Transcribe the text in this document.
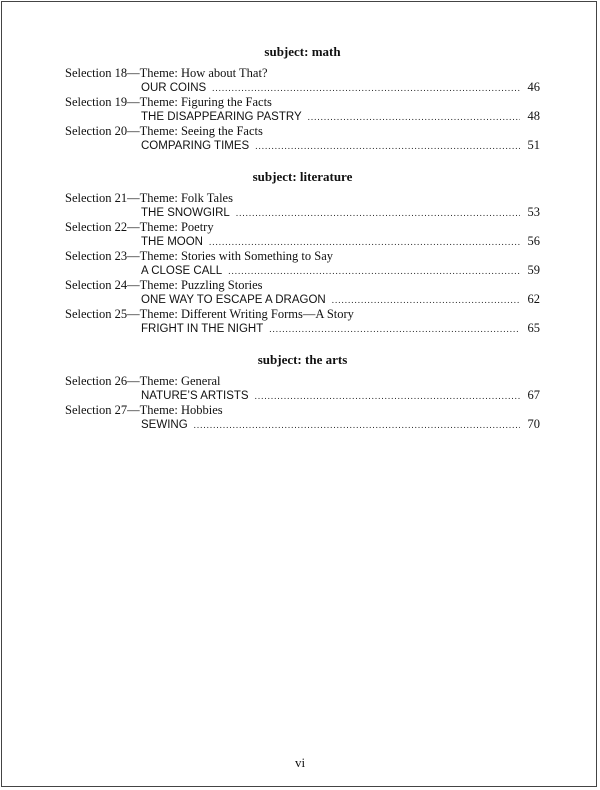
subject: math
Selection 18—Theme: How about That?
OUR COINS .....	46
Selection 19—Theme: Figuring the Facts
THE DISAPPEARING PASTRY .....	48
Selection 20—Theme: Seeing the Facts
COMPARING TIMES .....	51
subject: literature
Selection 21—Theme: Folk Tales
THE SNOWGIRL .....	53
Selection 22—Theme: Poetry
THE MOON .....	56
Selection 23—Theme: Stories with Something to Say
A CLOSE CALL .....	59
Selection 24—Theme: Puzzling Stories
ONE WAY TO ESCAPE A DRAGON .....	62
Selection 25—Theme: Different Writing Forms—A Story
FRIGHT IN THE NIGHT .....	65
subject: the arts
Selection 26—Theme: General
NATURE’S ARTISTS .....	67
Selection 27—Theme: Hobbies
SEWING .....	70
vi
